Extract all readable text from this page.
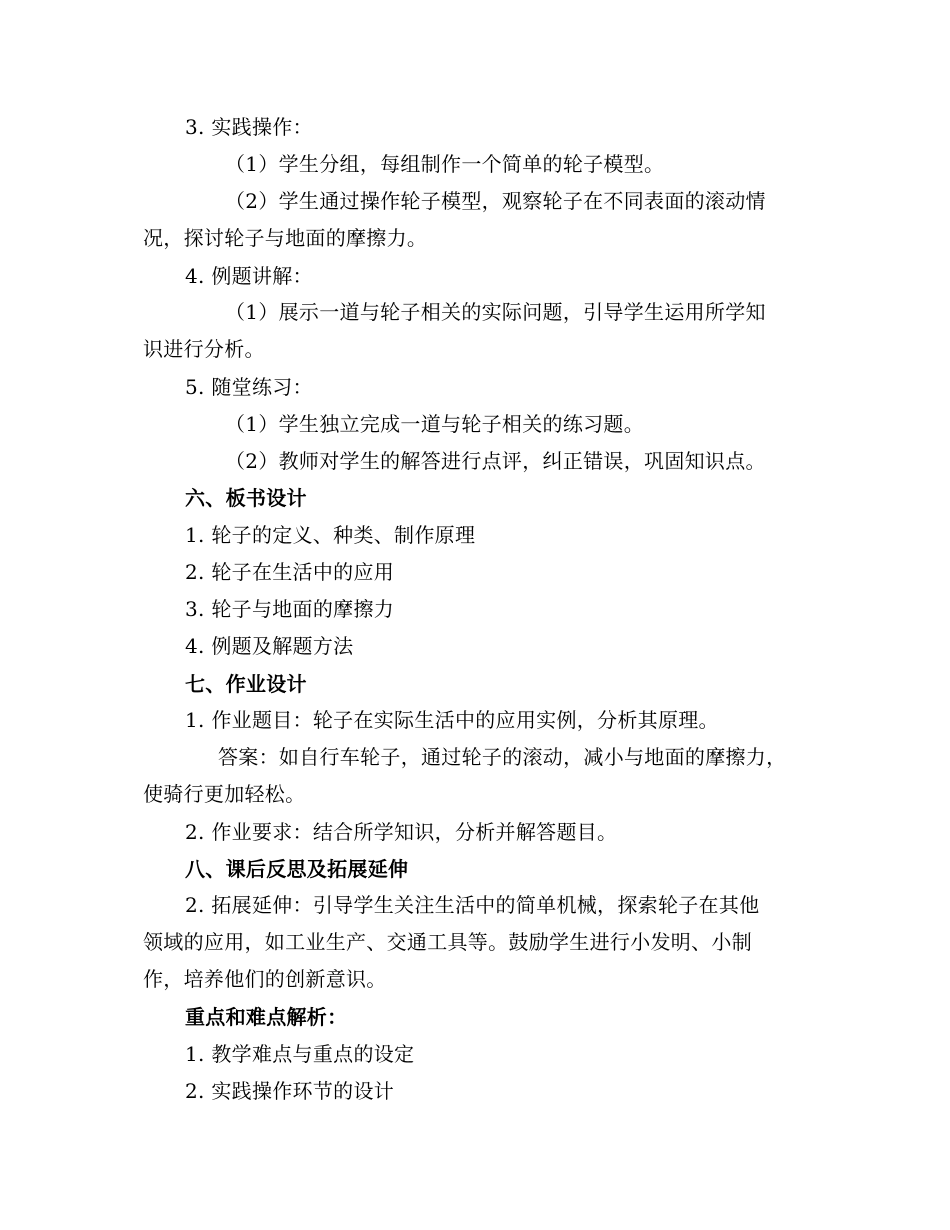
3. 实践操作：
（1）学生分组，每组制作一个简单的轮子模型。
（2）学生通过操作轮子模型，观察轮子在不同表面的滚动情
况，探讨轮子与地面的摩擦力。
4. 例题讲解：
（1）展示一道与轮子相关的实际问题，引导学生运用所学知
识进行分析。
5. 随堂练习：
（1）学生独立完成一道与轮子相关的练习题。
（2）教师对学生的解答进行点评，纠正错误，巩固知识点。
六、板书设计
1. 轮子的定义、种类、制作原理
2. 轮子在生活中的应用
3. 轮子与地面的摩擦力
4. 例题及解题方法
七、作业设计
1. 作业题目：轮子在实际生活中的应用实例，分析其原理。
答案：如自行车轮子，通过轮子的滚动，减小与地面的摩擦力，
使骑行更加轻松。
2. 作业要求：结合所学知识，分析并解答题目。
八、课后反思及拓展延伸
2. 拓展延伸：引导学生关注生活中的简单机械，探索轮子在其他
领域的应用，如工业生产、交通工具等。鼓励学生进行小发明、小制
作，培养他们的创新意识。
重点和难点解析：
1. 教学难点与重点的设定
2. 实践操作环节的设计
